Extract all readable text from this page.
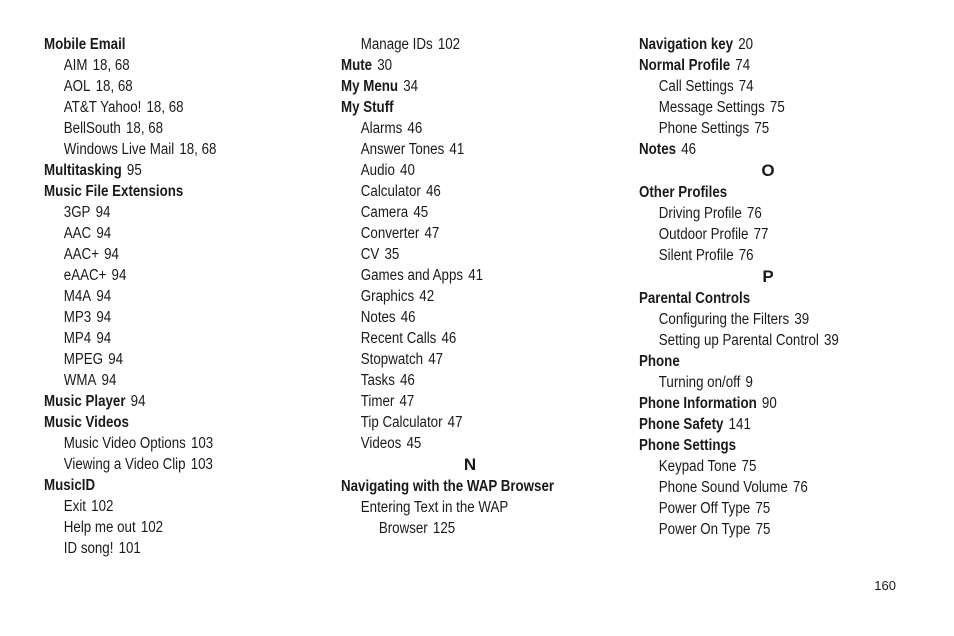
Mobile Email
AIM 18, 68
AOL 18, 68
AT&T Yahoo! 18, 68
BellSouth 18, 68
Windows Live Mail 18, 68
Multitasking 95
Music File Extensions
3GP 94
AAC 94
AAC+ 94
eAAC+ 94
M4A 94
MP3 94
MP4 94
MPEG 94
WMA 94
Music Player 94
Music Videos
Music Video Options 103
Viewing a Video Clip 103
MusicID
Exit 102
Help me out 102
ID song! 101
Manage IDs 102
Mute 30
My Menu 34
My Stuff
Alarms 46
Answer Tones 41
Audio 40
Calculator 46
Camera 45
Converter 47
CV 35
Games and Apps 41
Graphics 42
Notes 46
Recent Calls 46
Stopwatch 47
Tasks 46
Timer 47
Tip Calculator 47
Videos 45
N
Navigating with the WAP Browser
Entering Text in the WAP
Browser 125
Navigation key 20
Normal Profile 74
Call Settings 74
Message Settings 75
Phone Settings 75
Notes 46
O
Other Profiles
Driving Profile 76
Outdoor Profile 77
Silent Profile 76
P
Parental Controls
Configuring the Filters 39
Setting up Parental Control 39
Phone
Turning on/off 9
Phone Information 90
Phone Safety 141
Phone Settings
Keypad Tone 75
Phone Sound Volume 76
Power Off Type 75
Power On Type 75
160
